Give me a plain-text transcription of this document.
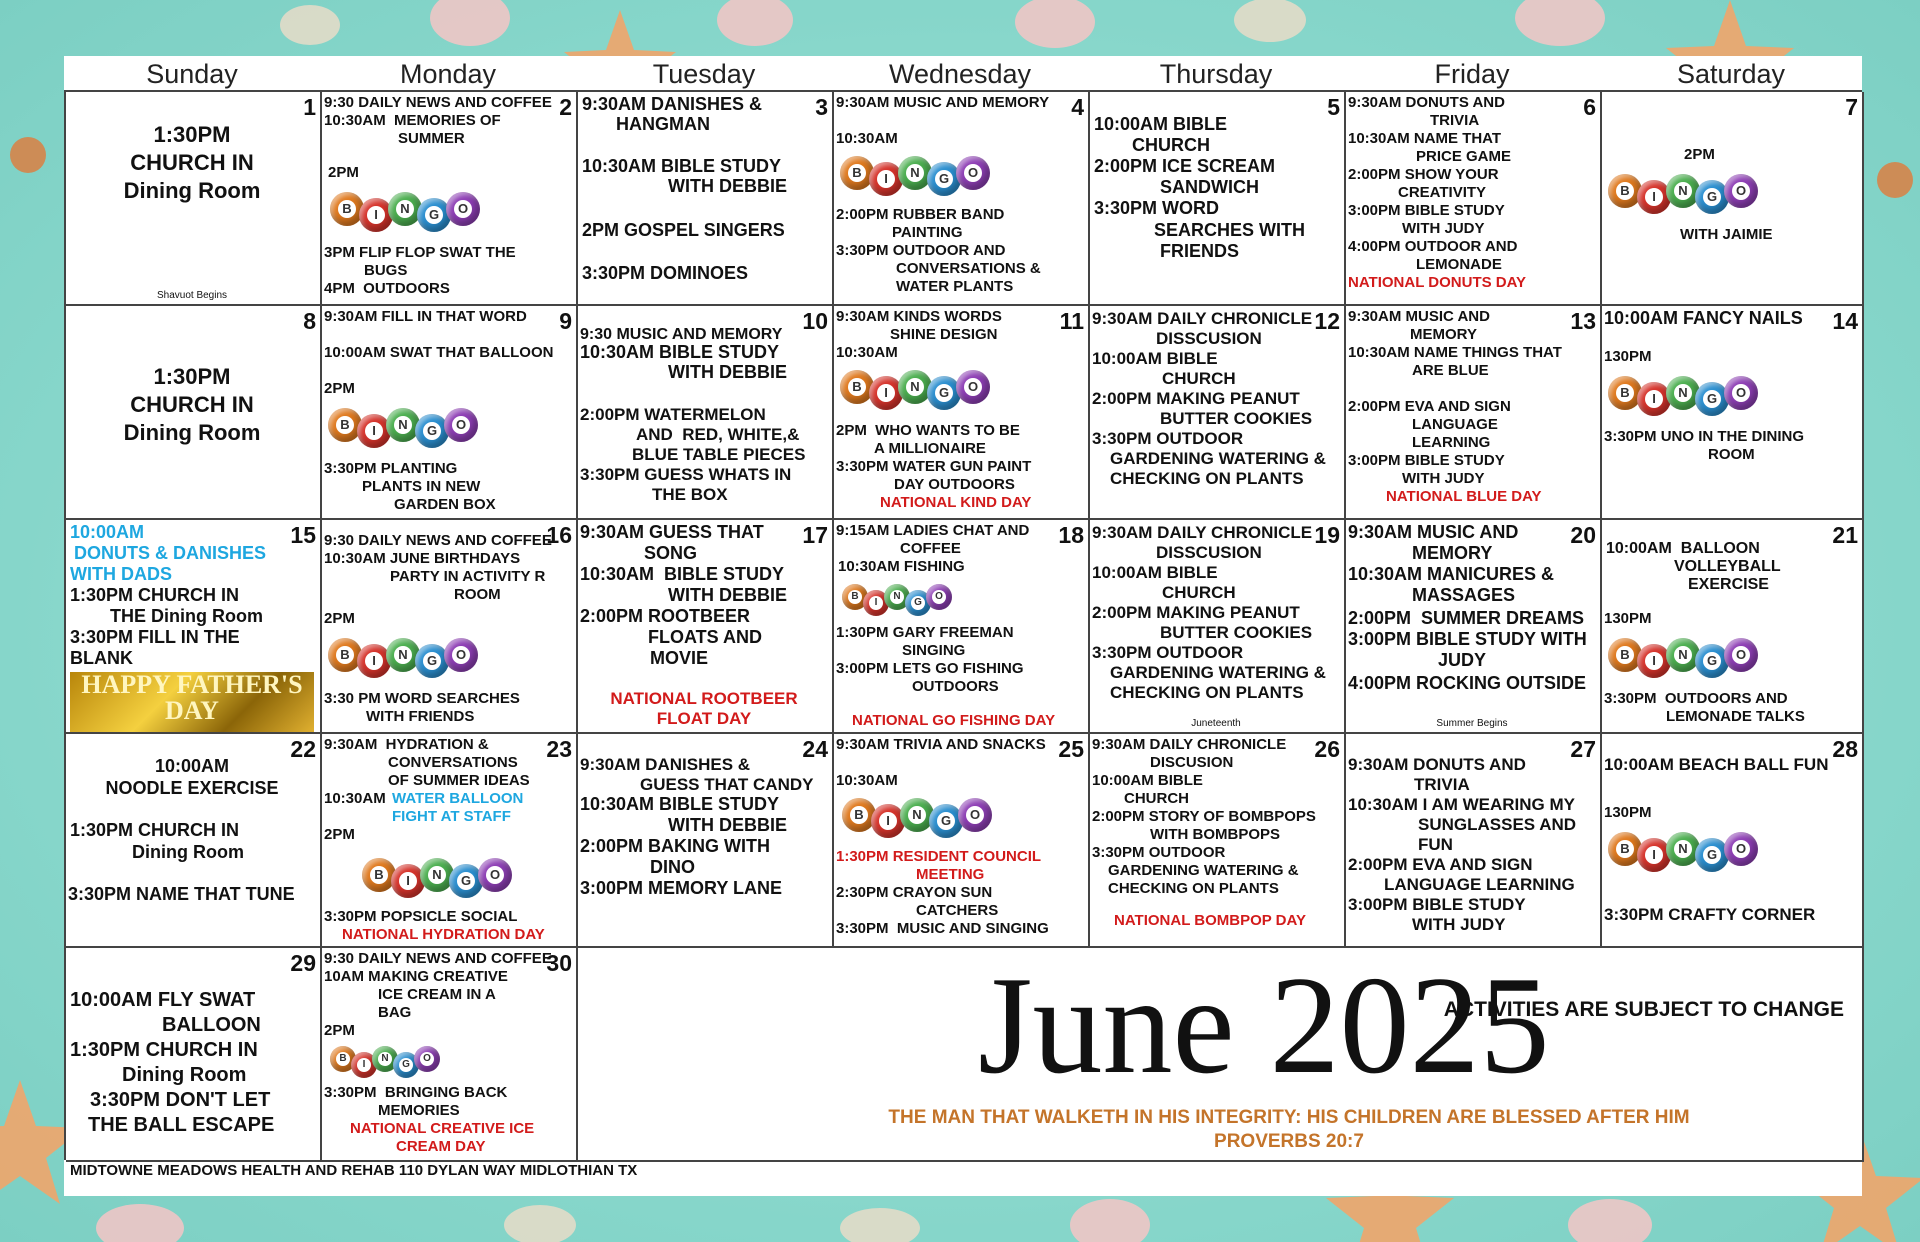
Sunday	Monday	Tuesday	Wednesday	Thursday	Friday	Saturday
1
1:30PM
CHURCH IN
Dining Room
Shavuot Begins
2
9:30 DAILY NEWS AND COFFEE
10:30AM  MEMORIES OF
SUMMER
2PM
B	I	N	G	O
3PM FLIP FLOP SWAT THE
BUGS
4PM  OUTDOORS
3
9:30AM DANISHES &
HANGMAN
10:30AM BIBLE STUDY
WITH DEBBIE
2PM GOSPEL SINGERS
3:30PM DOMINOES
4
9:30AM MUSIC AND MEMORY
10:30AM
B	I	N	G	O
2:00PM RUBBER BAND
PAINTING
3:30PM OUTDOOR AND
CONVERSATIONS &
WATER PLANTS
5
10:00AM BIBLE
CHURCH
2:00PM ICE SCREAM
SANDWICH
3:30PM WORD
SEARCHES WITH
FRIENDS
6
9:30AM DONUTS AND
TRIVIA
10:30AM NAME THAT
PRICE GAME
2:00PM SHOW YOUR
CREATIVITY
3:00PM BIBLE STUDY
WITH JUDY
4:00PM OUTDOOR AND
LEMONADE
NATIONAL DONUTS DAY
7
2PM
B	I	N	G	O
WITH JAIMIE
8
1:30PM
CHURCH IN
Dining Room
9
9:30AM FILL IN THAT WORD
10:00AM SWAT THAT BALLOON
2PM
B	I	N	G	O
3:30PM PLANTING
PLANTS IN NEW
GARDEN BOX
10
9:30 MUSIC AND MEMORY
10:30AM BIBLE STUDY
WITH DEBBIE
2:00PM WATERMELON
AND  RED, WHITE,&
BLUE TABLE PIECES
3:30PM GUESS WHATS IN
THE BOX
11
9:30AM KINDS WORDS
SHINE DESIGN
10:30AM
B	I	N	G	O
2PM  WHO WANTS TO BE
A MILLIONAIRE
3:30PM WATER GUN PAINT
DAY OUTDOORS
NATIONAL KIND DAY
12
9:30AM DAILY CHRONICLE
DISSCUSION
10:00AM BIBLE
CHURCH
2:00PM MAKING PEANUT
BUTTER COOKIES
3:30PM OUTDOOR
GARDENING WATERING &
CHECKING ON PLANTS
13
9:30AM MUSIC AND
MEMORY
10:30AM NAME THINGS THAT
ARE BLUE
2:00PM EVA AND SIGN
LANGUAGE
LEARNING
3:00PM BIBLE STUDY
WITH JUDY
NATIONAL BLUE DAY
14
10:00AM FANCY NAILS
130PM
B	I	N	G	O
3:30PM UNO IN THE DINING
ROOM
15
10:00AM
DONUTS & DANISHES
WITH DADS
1:30PM CHURCH IN
THE Dining Room
3:30PM FILL IN THE
BLANK
HAPPY FATHER'S DAY
16
9:30 DAILY NEWS AND COFFEE
10:30AM JUNE BIRTHDAYS
PARTY IN ACTIVITY R
ROOM
2PM
B	I	N	G	O
3:30 PM WORD SEARCHES
WITH FRIENDS
17
9:30AM GUESS THAT
SONG
10:30AM  BIBLE STUDY
WITH DEBBIE
2:00PM ROOTBEER
FLOATS AND
MOVIE
NATIONAL ROOTBEER
FLOAT DAY
18
9:15AM LADIES CHAT AND
COFFEE
10:30AM FISHING
B
I
N
G
O
1:30PM GARY FREEMAN
SINGING
3:00PM LETS GO FISHING
OUTDOORS
NATIONAL GO FISHING DAY
19
9:30AM DAILY CHRONICLE
DISSCUSION
10:00AM BIBLE
CHURCH
2:00PM MAKING PEANUT
BUTTER COOKIES
3:30PM OUTDOOR
GARDENING WATERING &
CHECKING ON PLANTS
Juneteenth
20
9:30AM MUSIC AND
MEMORY
10:30AM MANICURES &
MASSAGES
2:00PM  SUMMER DREAMS
3:00PM BIBLE STUDY WITH
JUDY
4:00PM ROCKING OUTSIDE
Summer Begins
21
10:00AM  BALLOON
VOLLEYBALL
EXERCISE
130PM
B	I	N	G	O
3:30PM  OUTDOORS AND
LEMONADE TALKS
22
10:00AM
NOODLE EXERCISE
1:30PM CHURCH IN
Dining Room
3:30PM NAME THAT TUNE
23
9:30AM  HYDRATION &
CONVERSATIONS
OF SUMMER IDEAS
10:30AM WATER BALLOON
FIGHT AT STAFF
2PM
B	I	N	G	O
3:30PM POPSICLE SOCIAL
NATIONAL HYDRATION DAY
24
9:30AM DANISHES &
GUESS THAT CANDY
10:30AM BIBLE STUDY
WITH DEBBIE
2:00PM BAKING WITH
DINO
3:00PM MEMORY LANE
25
9:30AM TRIVIA AND SNACKS
10:30AM
B	I	N	G	O
1:30PM RESIDENT COUNCIL
MEETING
2:30PM CRAYON SUN
CATCHERS
3:30PM  MUSIC AND SINGING
26
9:30AM DAILY CHRONICLE
DISCUSION
10:00AM BIBLE
CHURCH
2:00PM STORY OF BOMBPOPS
WITH BOMBPOPS
3:30PM OUTDOOR
GARDENING WATERING &
CHECKING ON PLANTS
NATIONAL BOMBPOP DAY
27
9:30AM DONUTS AND
TRIVIA
10:30AM I AM WEARING MY
SUNGLASSES AND
FUN
2:00PM EVA AND SIGN
LANGUAGE LEARNING
3:00PM BIBLE STUDY
WITH JUDY
28
10:00AM BEACH BALL FUN
130PM
B	I	N	G	O
3:30PM CRAFTY CORNER
29
10:00AM FLY SWAT
BALLOON
1:30PM CHURCH IN
Dining Room
3:30PM DON'T LET
THE BALL ESCAPE
30
9:30 DAILY NEWS AND COFFEE
10AM MAKING CREATIVE
ICE CREAM IN A
BAG
2PM
B
I
N
G
O
3:30PM  BRINGING BACK
MEMORIES
NATIONAL CREATIVE ICE
CREAM DAY
ACTIVITIES ARE SUBJECT TO CHANGE
June 2025
THE MAN THAT WALKETH IN HIS INTEGRITY: HIS CHILDREN ARE BLESSED AFTER HIM
PROVERBS 20:7
MIDTOWNE MEADOWS HEALTH AND REHAB 110 DYLAN WAY MIDLOTHIAN TX
